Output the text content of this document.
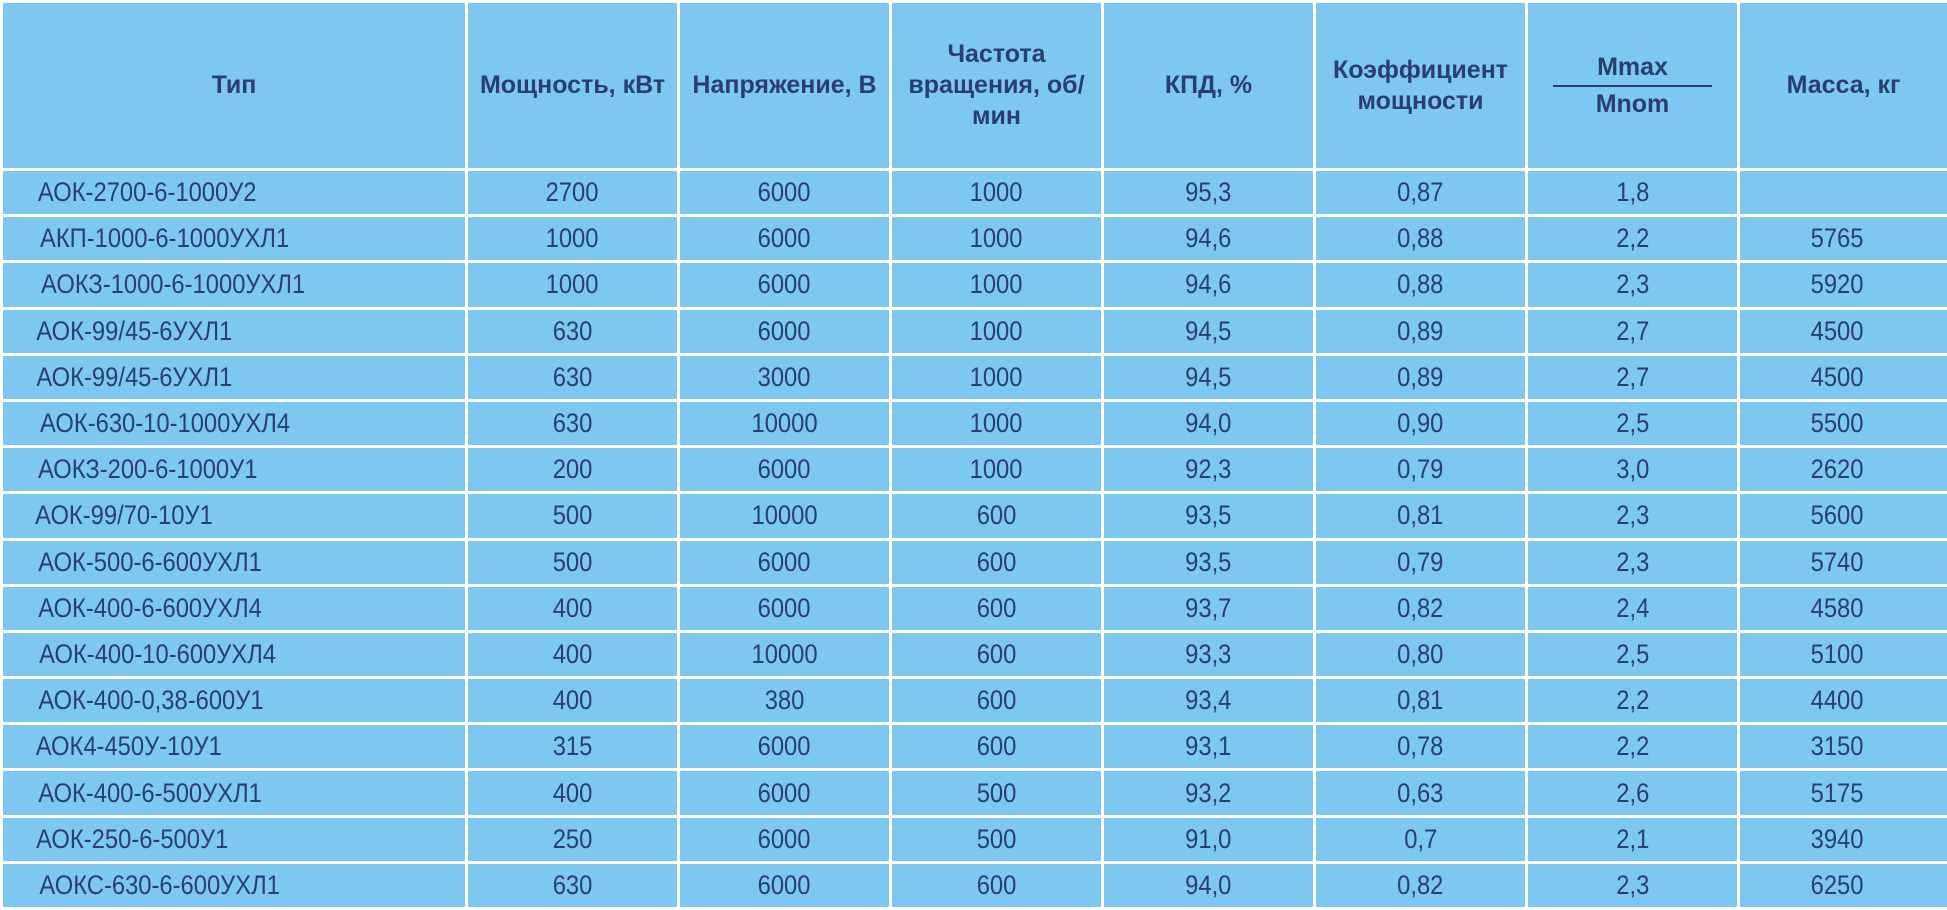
Тип	Мощность, кВт	Напряжение, В	Частота вращения, об/мин	КПД, %	Коэффициент мощности	$\frac{Mmax}{\text{Mnom}}$	Масса, кг
АОК-2700-6-1000У2	2700	6000	1000	95,3	0,87	1,8	
АКП-1000-6-1000УХЛ1	1000	6000	1000	94,6	0,88	2,2	5765
АОКЗ-1000-6-1000УХЛ1	1000	6000	1000	94,6	0,88	2,3	5920
АОК-99/45-6УХЛ1	630	6000	1000	94,5	0,89	2,7	4500
АОК-99/45-6УХЛ1	630	3000	1000	94,5	0,89	2,7	4500
АОК-630-10-1000УХЛ4	630	10000	1000	94,0	0,90	2,5	5500
АОКЗ-200-6-1000У1	200	6000	1000	92,3	0,79	3,0	2620
АОК-99/70-10У1	500	10000	600	93,5	0,81	2,3	5600
АОК-500-6-600УХЛ1	500	6000	600	93,5	0,79	2,3	5740
АОК-400-6-600УХЛ4	400	6000	600	93,7	0,82	2,4	4580
АОК-400-10-600УХЛ4	400	10000	600	93,3	0,80	2,5	5100
АОК-400-0,38-600У1	400	380	600	93,4	0,81	2,2	4400
АОК4-450У-10У1	315	6000	600	93,1	0,78	2,2	3150
АОК-400-6-500УХЛ1	400	6000	500	93,2	0,63	2,6	5175
АОК-250-6-500У1	250	6000	500	91,0	0,7	2,1	3940
АОКС-630-6-600УХЛ1	630	6000	600	94,0	0,82	2,3	6250
